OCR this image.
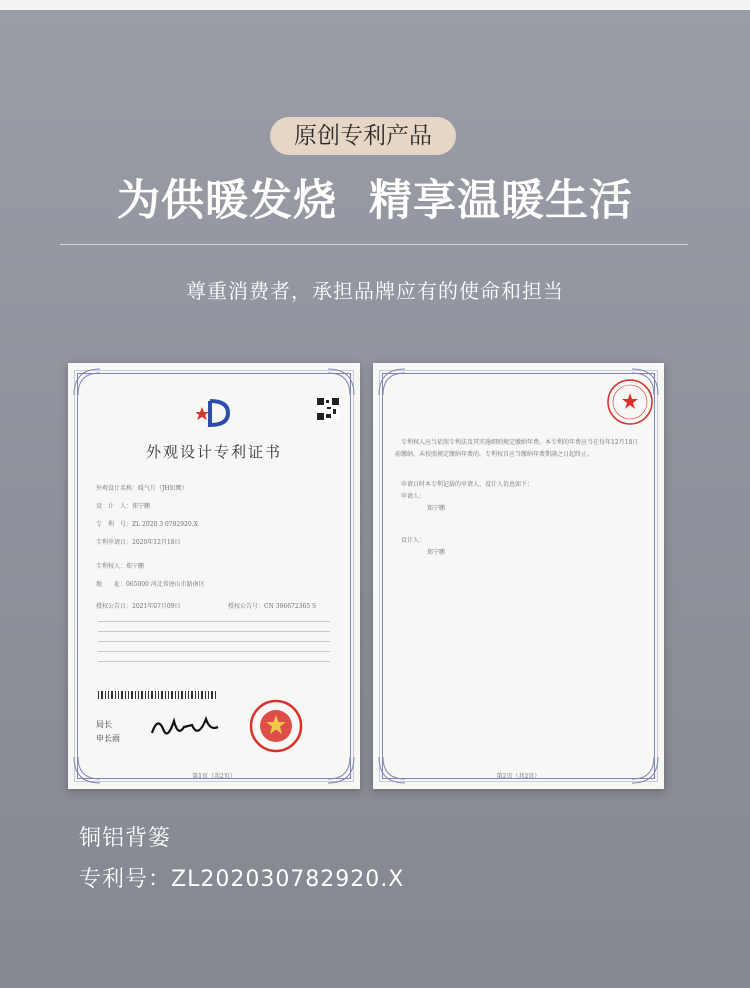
原创专利产品
为供暖发烧  精享温暖生活
尊重消费者，承担品牌应有的使命和担当
外观设计专利证书
外观设计名称：暖气片（JH铝鹰）
设　计　人：郑宁鹏
专　利　号：ZL 2020 3 0782920.X
专利申请日：2020年12月18日
专利权人：郑宁鹏
地　　址：065000 河北省唐山市路南区
授权公告日：2021年07月09日	授权公告号：CN 306672365 S
局长
申长雨
第1页（共2页）
专利权人应当依照专利法及其实施细则规定缴纳年费。本专利的年费应当在每年12月18日
前缴纳。未按照规定缴纳年费的，专利权自应当缴纳年费期满之日起终止。
申请日时本专利记载的申请人、设计人信息如下：
申请人：
郑宁鹏
设计人：
郑宁鹏
第2页（共2页）
铜铝背篓
专利号：ZL202030782920.X
